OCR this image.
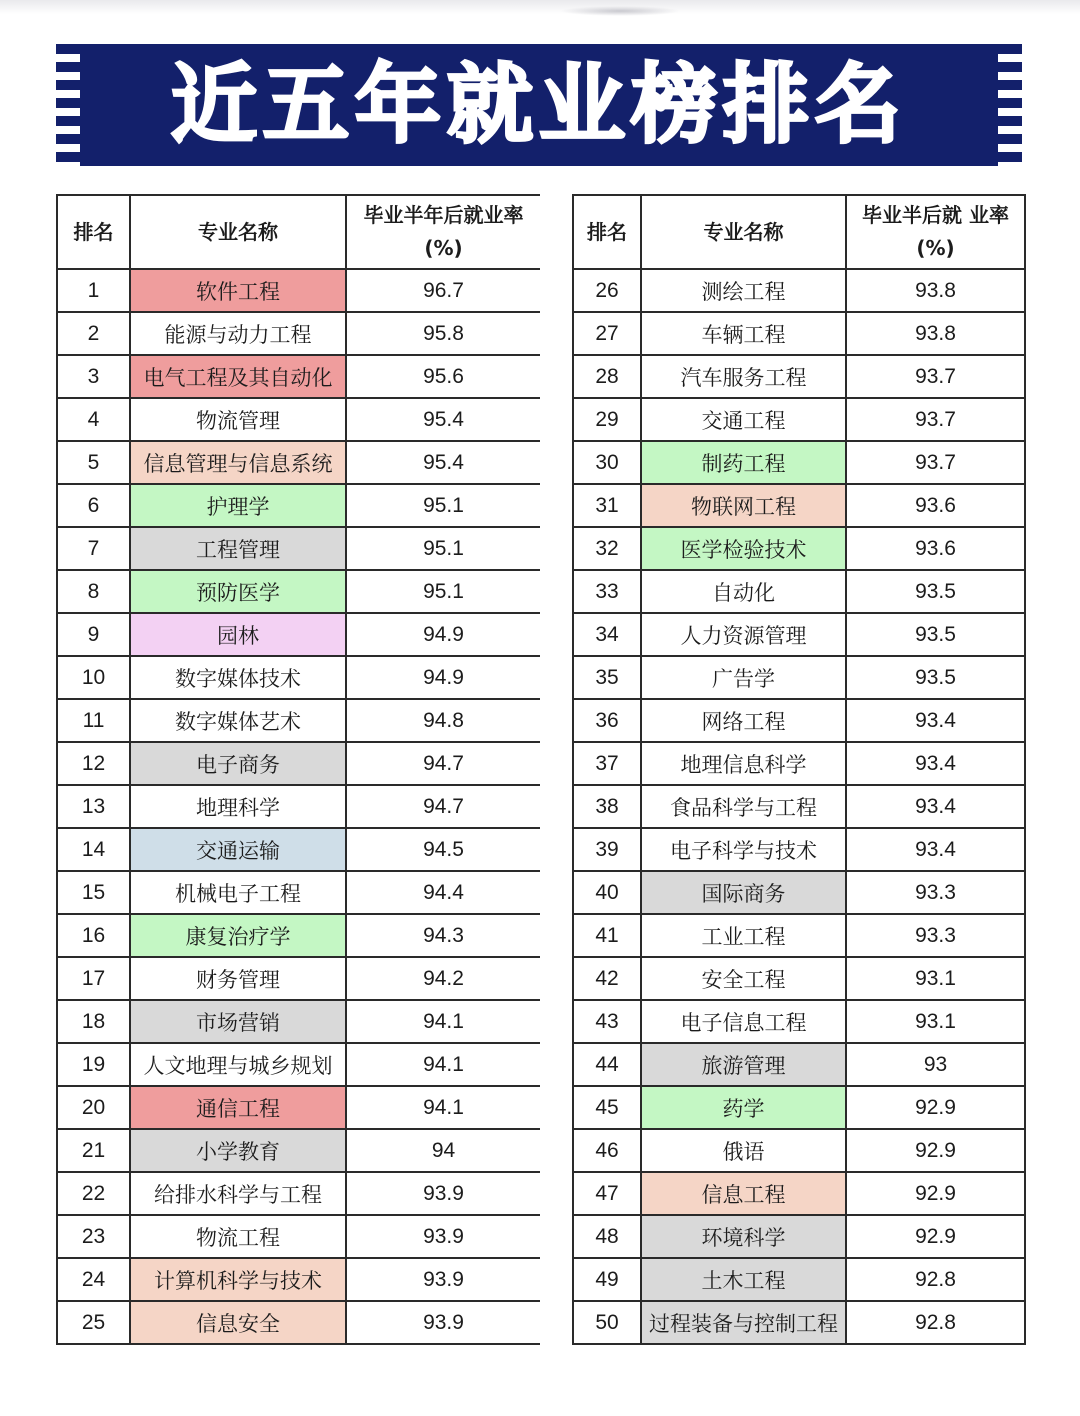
近五年就业榜排名
排名	专业名称	毕业半年后就业率
(%)
1	软件工程	96.7
2	能源与动力工程	95.8
3	电气工程及其自动化	95.6
4	物流管理	95.4
5	信息管理与信息系统	95.4
6	护理学	95.1
7	工程管理	95.1
8	预防医学	95.1
9	园林	94.9
10	数字媒体技术	94.9
11	数字媒体艺术	94.8
12	电子商务	94.7
13	地理科学	94.7
14	交通运输	94.5
15	机械电子工程	94.4
16	康复治疗学	94.3
17	财务管理	94.2
18	市场营销	94.1
19	人文地理与城乡规划	94.1
20	通信工程	94.1
21	小学教育	94
22	给排水科学与工程	93.9
23	物流工程	93.9
24	计算机科学与技术	93.9
25	信息安全	93.9
排名	专业名称	毕业半后就 业率
(%)
26	测绘工程	93.8
27	车辆工程	93.8
28	汽车服务工程	93.7
29	交通工程	93.7
30	制药工程	93.7
31	物联网工程	93.6
32	医学检验技术	93.6
33	自动化	93.5
34	人力资源管理	93.5
35	广告学	93.5
36	网络工程	93.4
37	地理信息科学	93.4
38	食品科学与工程	93.4
39	电子科学与技术	93.4
40	国际商务	93.3
41	工业工程	93.3
42	安全工程	93.1
43	电子信息工程	93.1
44	旅游管理	93
45	药学	92.9
46	俄语	92.9
47	信息工程	92.9
48	环境科学	92.9
49	土木工程	92.8
50	过程装备与控制工程	92.8
